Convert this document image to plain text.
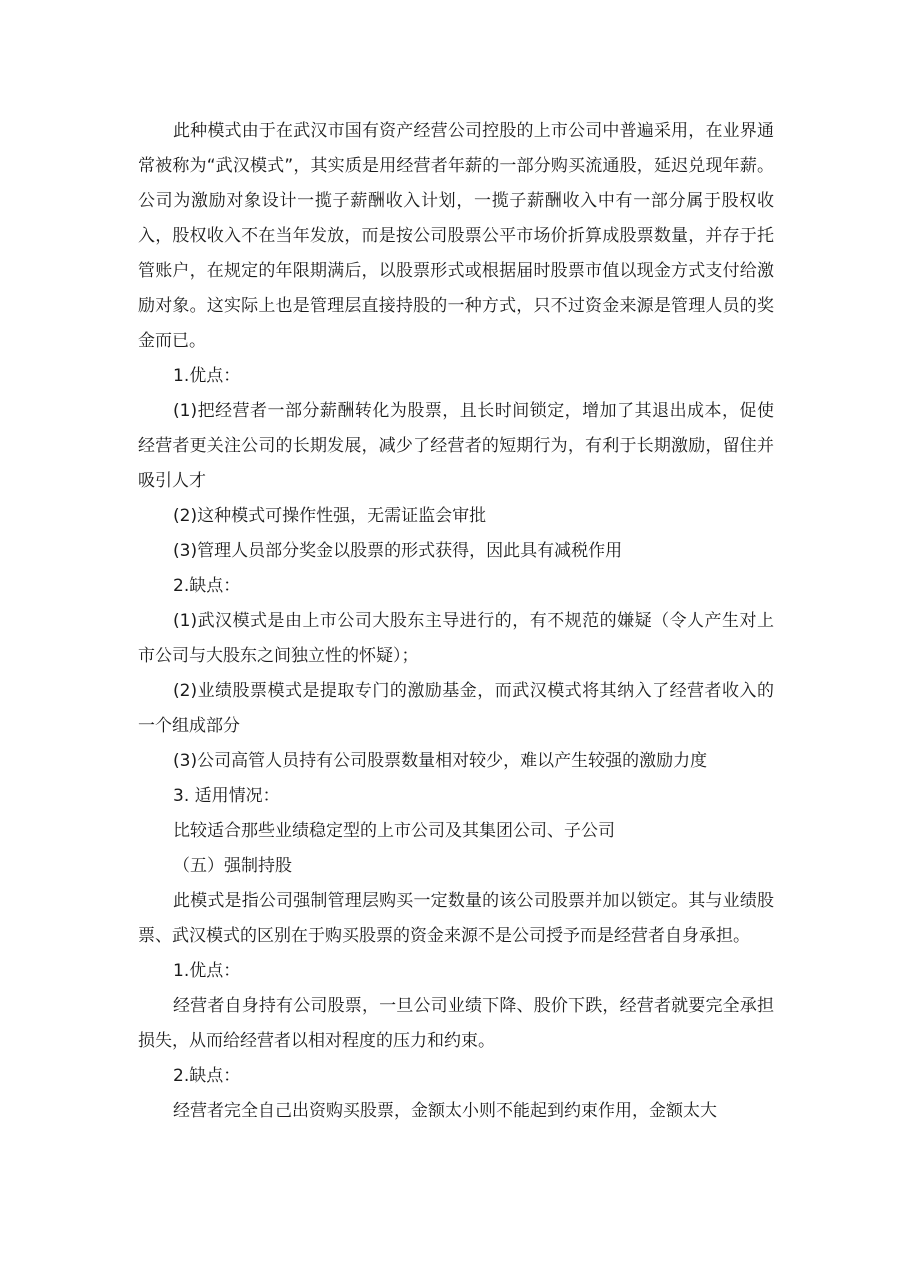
此种模式由于在武汉市国有资产经营公司控股的上市公司中普遍采用，在业界通常被称为“武汉模式”，其实质是用经营者年薪的一部分购买流通股，延迟兑现年薪。公司为激励对象设计一揽子薪酬收入计划，一揽子薪酬收入中有一部分属于股权收入，股权收入不在当年发放，而是按公司股票公平市场价折算成股票数量，并存于托管账户，在规定的年限期满后，以股票形式或根据届时股票市值以现金方式支付给激励对象。这实际上也是管理层直接持股的一种方式，只不过资金来源是管理人员的奖金而已。

1.优点：

(1)把经营者一部分薪酬转化为股票，且长时间锁定，增加了其退出成本，促使经营者更关注公司的长期发展，减少了经营者的短期行为，有利于长期激励，留住并吸引人才

(2)这种模式可操作性强，无需证监会审批

(3)管理人员部分奖金以股票的形式获得，因此具有减税作用

2.缺点：

(1)武汉模式是由上市公司大股东主导进行的，有不规范的嫌疑（令人产生对上市公司与大股东之间独立性的怀疑）；

(2)业绩股票模式是提取专门的激励基金，而武汉模式将其纳入了经营者收入的一个组成部分

(3)公司高管人员持有公司股票数量相对较少，难以产生较强的激励力度

3. 适用情况：

比较适合那些业绩稳定型的上市公司及其集团公司、子公司

（五）强制持股

此模式是指公司强制管理层购买一定数量的该公司股票并加以锁定。其与业绩股票、武汉模式的区别在于购买股票的资金来源不是公司授予而是经营者自身承担。

1.优点：

经营者自身持有公司股票，一旦公司业绩下降、股价下跌，经营者就要完全承担损失，从而给经营者以相对程度的压力和约束。

2.缺点：

经营者完全自己出资购买股票，金额太小则不能起到约束作用，金额太大
